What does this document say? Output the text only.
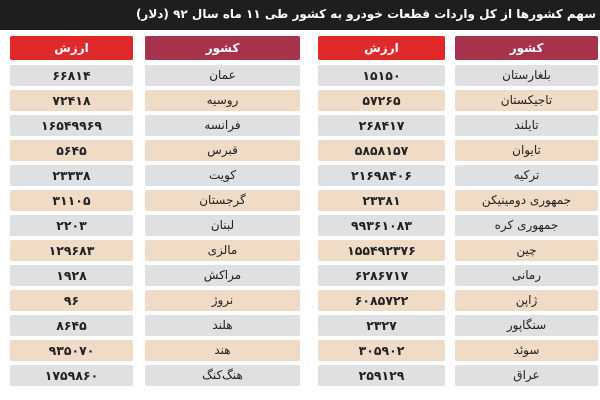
سهم کشورها از کل واردات قطعات خودرو به کشور طی ۱۱ ماه سال ۹۲ (دلار)
ارزش	کشور
۱۵۱۵۰	بلغارستان
۵۷۲۶۵	تاجیکستان
۲۶۸۴۱۷	تایلند
۵۸۵۸۱۵۷	تایوان
۲۱۶۹۸۴۰۶	ترکیه
۲۳۳۸۱	جمهوری دومینیکن
۹۹۳۶۱۰۸۳	جمهوری کره
۱۵۵۴۹۲۳۷۶	چین
۶۲۸۶۷۱۷	رمانی
۶۰۸۵۷۲۲	ژاپن
۲۳۲۷	سنگاپور
۳۰۵۹۰۲	سوئد
۲۵۹۱۲۹	عراق
ارزش	کشور
۶۶۸۱۴	عمان
۷۲۴۱۸	روسیه
۱۶۵۴۹۹۶۹	فرانسه
۵۶۴۵	قبرس
۲۳۳۳۸	کویت
۳۱۱۰۵	گرجستان
۲۲۰۳	لبنان
۱۲۹۶۸۳	مالزی
۱۹۲۸	مراکش
۹۶	نروژ
۸۶۴۵	هلند
۹۳۵۰۷۰	هند
۱۷۵۹۸۶۰	هنگ‌کنگ
